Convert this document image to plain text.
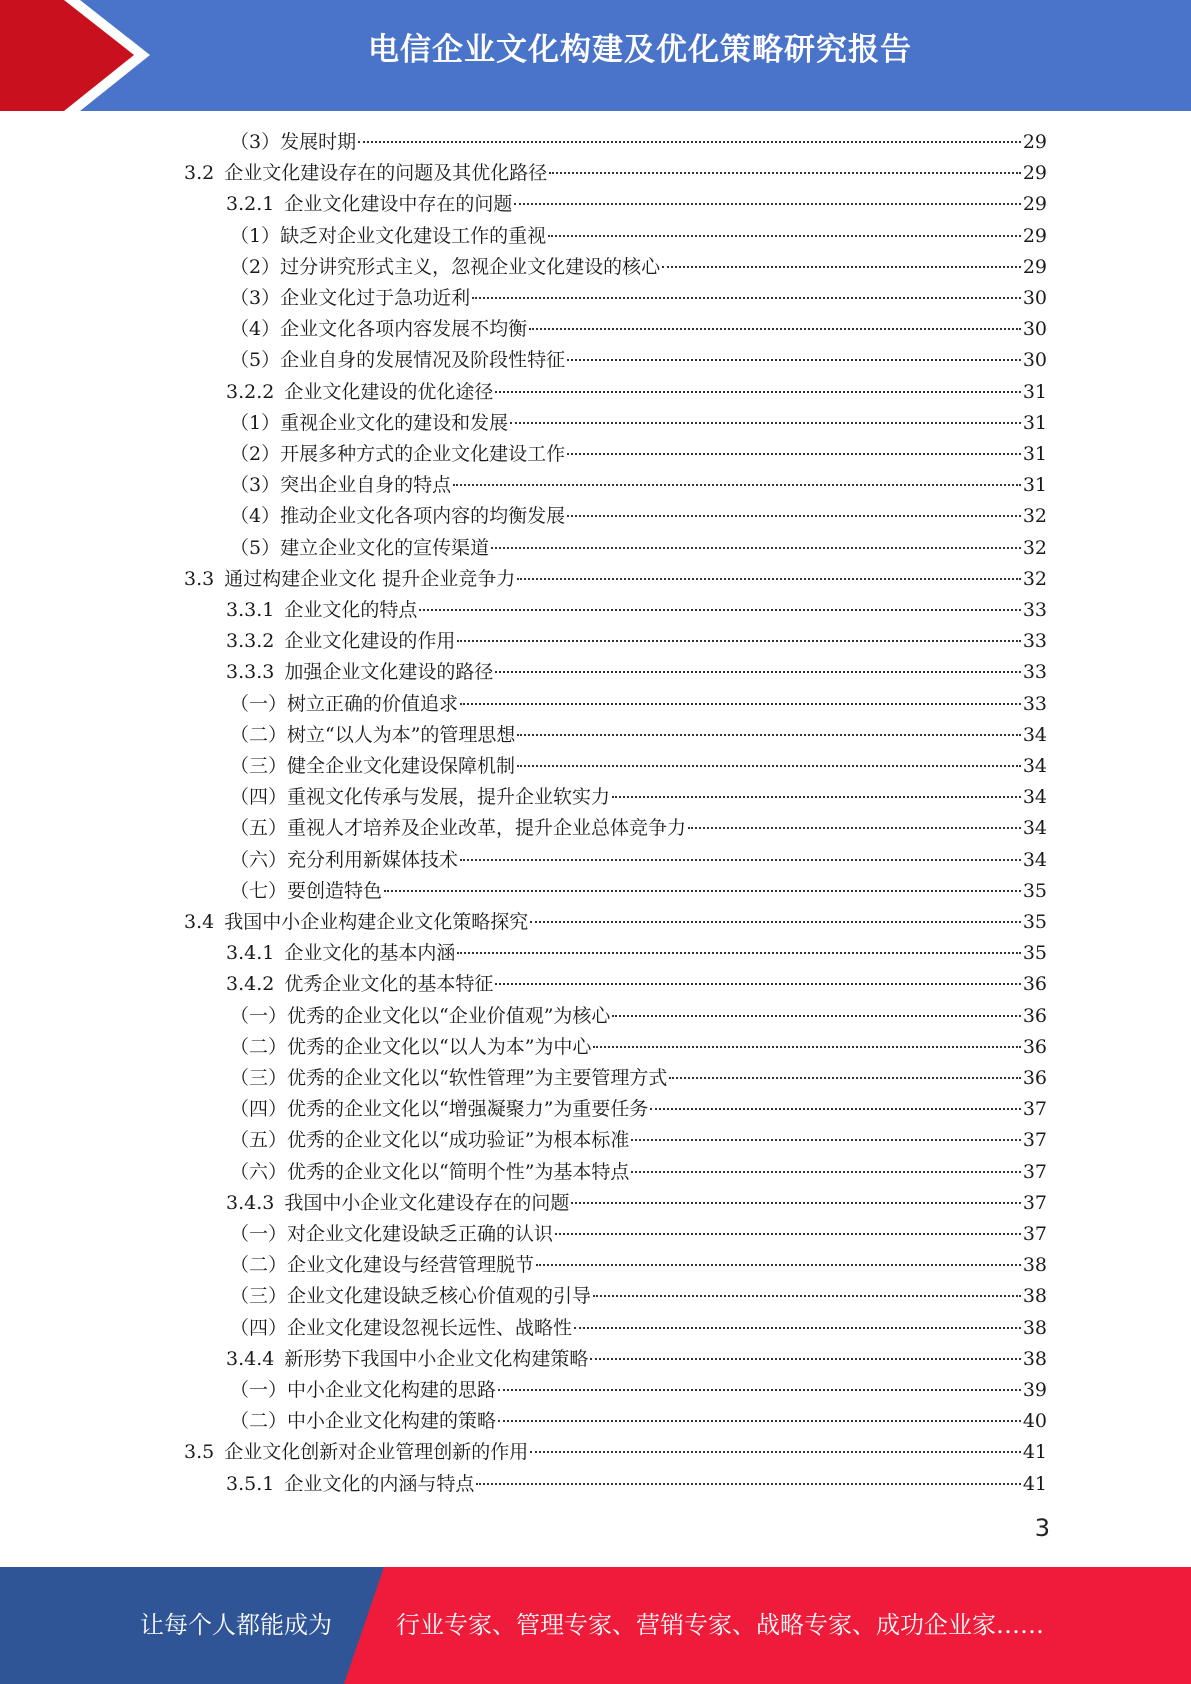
电信企业文化构建及优化策略研究报告
（3）发展时期	29
3.2 企业文化建设存在的问题及其优化路径	29
3.2.1 企业文化建设中存在的问题	29
（1）缺乏对企业文化建设工作的重视	29
（2）过分讲究形式主义，忽视企业文化建设的核心	29
（3）企业文化过于急功近利	30
（4）企业文化各项内容发展不均衡	30
（5）企业自身的发展情况及阶段性特征	30
3.2.2 企业文化建设的优化途径	31
（1）重视企业文化的建设和发展	31
（2）开展多种方式的企业文化建设工作	31
（3）突出企业自身的特点	31
（4）推动企业文化各项内容的均衡发展	32
（5）建立企业文化的宣传渠道	32
3.3 通过构建企业文化 提升企业竞争力	32
3.3.1 企业文化的特点	33
3.3.2 企业文化建设的作用	33
3.3.3 加强企业文化建设的路径	33
（一）树立正确的价值追求	33
（二）树立“以人为本”的管理思想	34
（三）健全企业文化建设保障机制	34
（四）重视文化传承与发展，提升企业软实力	34
（五）重视人才培养及企业改革，提升企业总体竞争力	34
（六）充分利用新媒体技术	34
（七）要创造特色	35
3.4 我国中小企业构建企业文化策略探究	35
3.4.1 企业文化的基本内涵	35
3.4.2 优秀企业文化的基本特征	36
（一）优秀的企业文化以“企业价值观”为核心	36
（二）优秀的企业文化以“以人为本”为中心	36
（三）优秀的企业文化以“软性管理”为主要管理方式	36
（四）优秀的企业文化以“增强凝聚力”为重要任务	37
（五）优秀的企业文化以“成功验证”为根本标准	37
（六）优秀的企业文化以“简明个性”为基本特点	37
3.4.3 我国中小企业文化建设存在的问题	37
（一）对企业文化建设缺乏正确的认识	37
（二）企业文化建设与经营管理脱节	38
（三）企业文化建设缺乏核心价值观的引导	38
（四）企业文化建设忽视长远性、战略性	38
3.4.4 新形势下我国中小企业文化构建策略	38
（一）中小企业文化构建的思路	39
（二）中小企业文化构建的策略	40
3.5 企业文化创新对企业管理创新的作用	41
3.5.1 企业文化的内涵与特点	41
3
让每个人都能成为	行业专家、管理专家、营销专家、战略专家、成功企业家……
